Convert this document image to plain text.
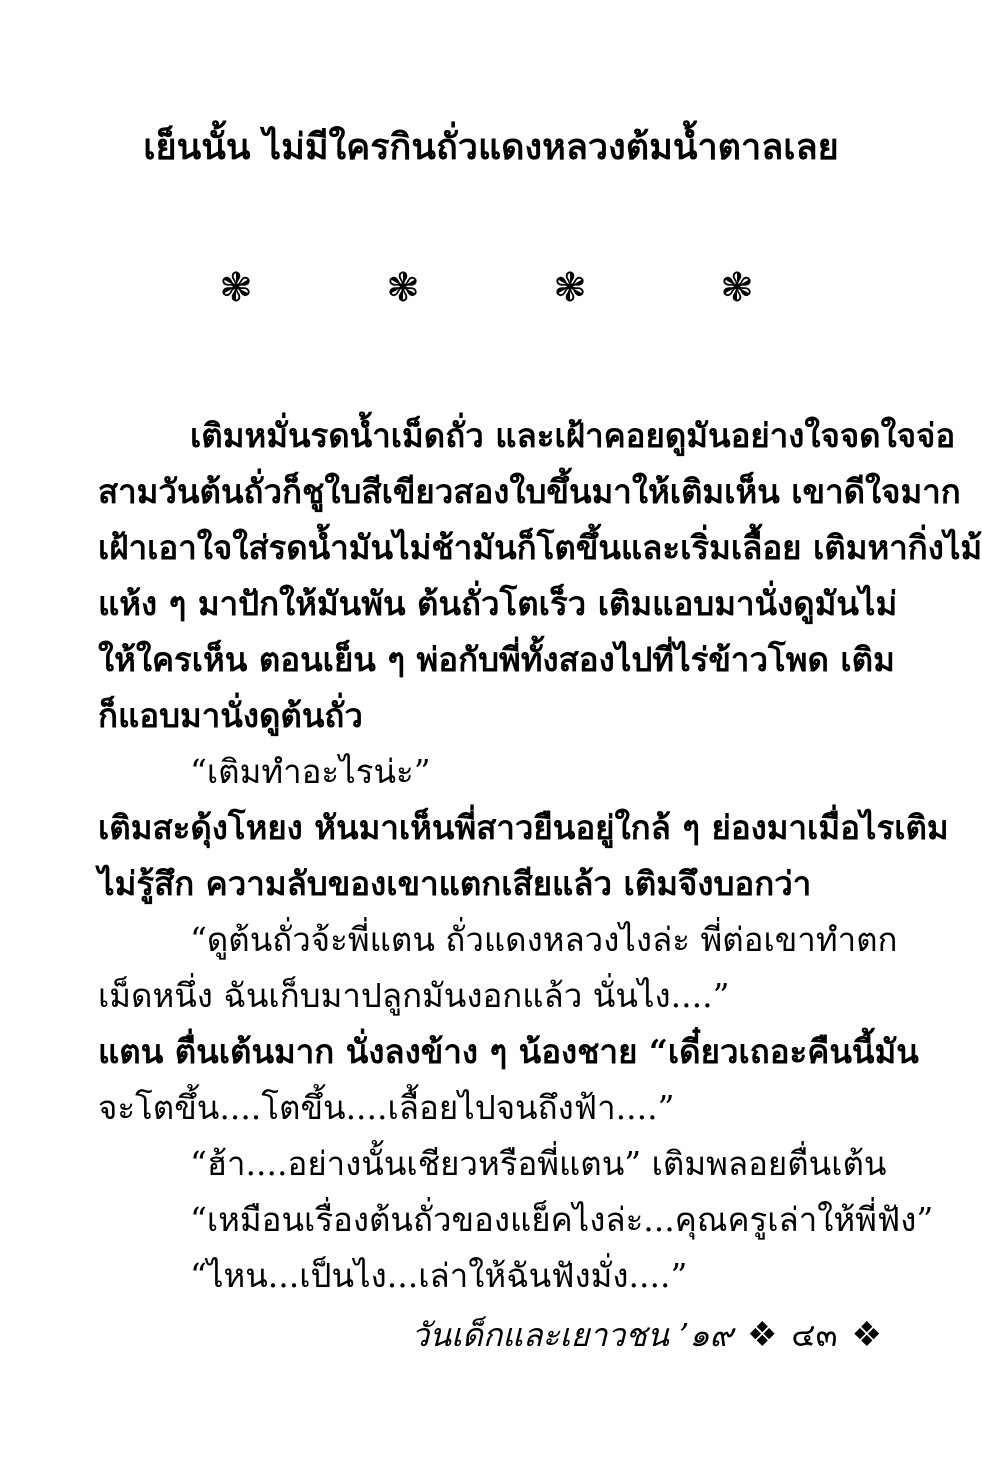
เย็นนั้น ไม่มีใครกินถั่วแดงหลวงต้มน้ำตาลเลย
❃	❃	❃	❃
เติมหมั่นรดน้ำเม็ดถั่ว และเฝ้าคอยดูมันอย่างใจจดใจจ่อ
สามวันต้นถั่วก็ชูใบสีเขียวสองใบขึ้นมาให้เติมเห็น เขาดีใจมาก
เฝ้าเอาใจใส่รดน้ำมันไม่ช้ามันก็โตขึ้นและเริ่มเลื้อย เติมหากิ่งไม้
แห้ง ๆ มาปักให้มันพัน ต้นถั่วโตเร็ว เติมแอบมานั่งดูมันไม่
ให้ใครเห็น ตอนเย็น ๆ พ่อกับพี่ทั้งสองไปที่ไร่ข้าวโพด เติม
ก็แอบมานั่งดูต้นถั่ว
“เติมทำอะไรน่ะ”
เติมสะดุ้งโหยง หันมาเห็นพี่สาวยืนอยู่ใกล้ ๆ ย่องมาเมื่อไรเติม
ไม่รู้สึก ความลับของเขาแตกเสียแล้ว เติมจึงบอกว่า
“ดูต้นถั่วจ้ะพี่แตน ถั่วแดงหลวงไงล่ะ พี่ต่อเขาทำตก
เม็ดหนึ่ง ฉันเก็บมาปลูกมันงอกแล้ว นั่นไง....”
แตน ตื่นเต้นมาก นั่งลงข้าง ๆ น้องชาย “เดี๋ยวเถอะคืนนี้มัน
จะโตขึ้น....โตขึ้น....เลื้อยไปจนถึงฟ้า....”
“ฮ้า....อย่างนั้นเชียวหรือพี่แตน” เติมพลอยตื่นเต้น
“เหมือนเรื่องต้นถั่วของแย็คไงล่ะ...คุณครูเล่าให้พี่ฟัง”
“ไหน...เป็นไง...เล่าให้ฉันฟังมั่ง....”
วันเด็กและเยาวชน ’๑๙ ❖ ๔๓ ❖
